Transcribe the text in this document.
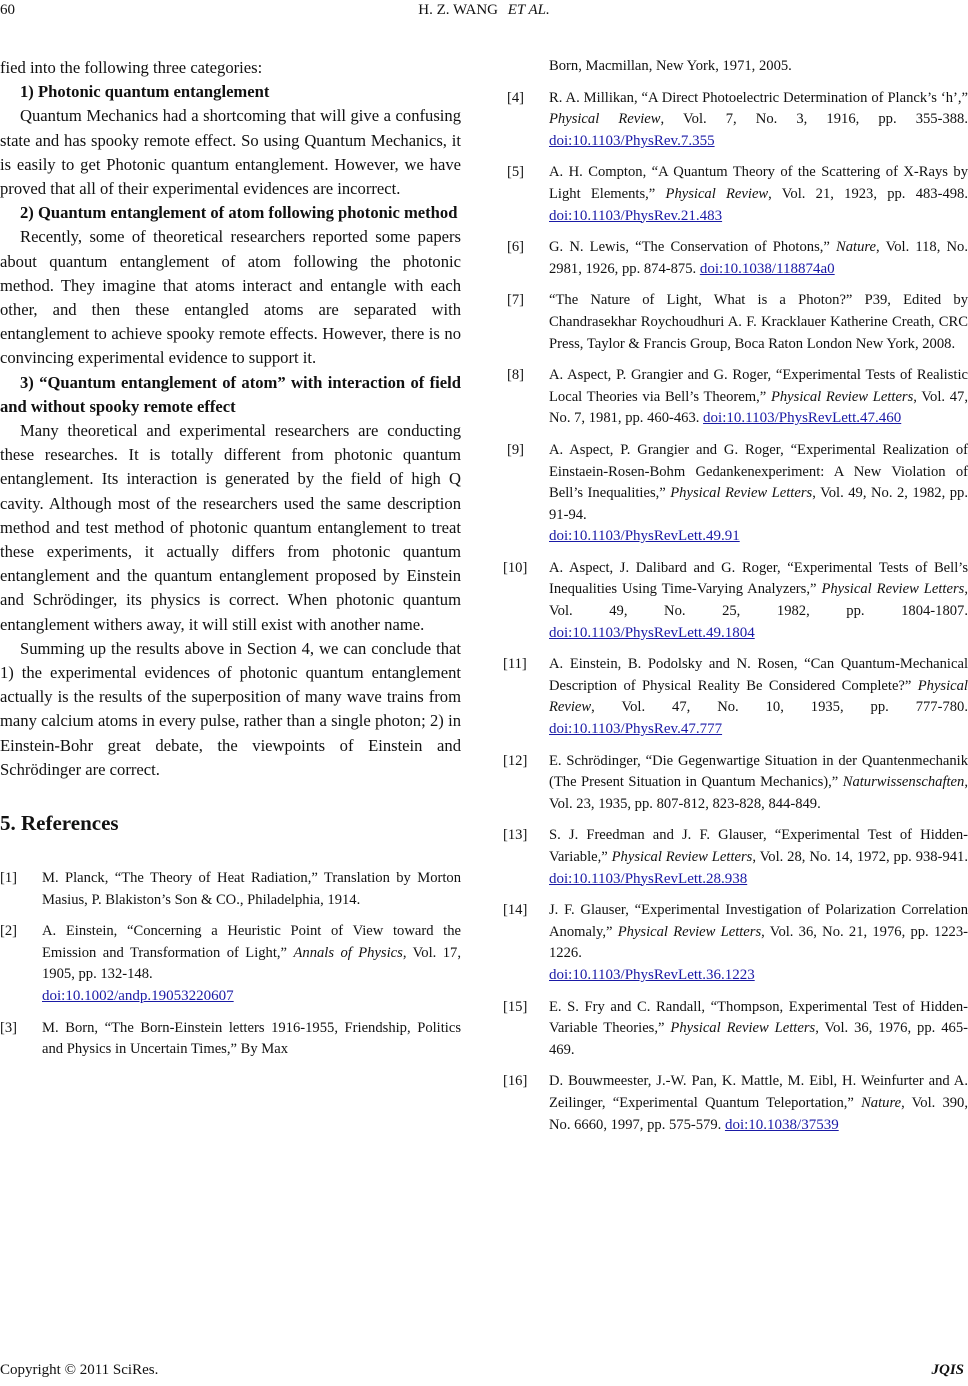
60	H. Z. WANG ET AL.

fied into the following three categories:

1) Photonic quantum entanglement

Quantum Mechanics had a shortcoming that will give a confusing state and has spooky remote effect. So using Quantum Mechanics, it is easily to get Photonic quantum entanglement. However, we have proved that all of their experimental evidences are incorrect.

2) Quantum entanglement of atom following photonic method

Recently, some of theoretical researchers reported some papers about quantum entanglement of atom following the photonic method. They imagine that atoms interact and entangle with each other, and then these entangled atoms are separated with entanglement to achieve spooky remote effects. However, there is no convincing experimental evidence to support it.

3) “Quantum entanglement of atom” with interaction of field and without spooky remote effect

Many theoretical and experimental researchers are conducting these researches. It is totally different from photonic quantum entanglement. Its interaction is generated by the field of high Q cavity. Although most of the researchers used the same description method and test method of photonic quantum entanglement to treat these experiments, it actually differs from photonic quantum entanglement and the quantum entanglement proposed by Einstein and Schrödinger, its physics is correct. When photonic quantum entanglement withers away, it will still exist with another name.

Summing up the results above in Section 4, we can conclude that 1) the experimental evidences of photonic quantum entanglement actually is the results of the superposition of many wave trains from many calcium atoms in every pulse, rather than a single photon; 2) in Einstein-Bohr great debate, the viewpoints of Einstein and Schrödinger are correct.

5. References
[1] M. Planck, “The Theory of Heat Radiation,” Translation by Morton Masius, P. Blakiston’s Son & CO., Philadelphia, 1914.
[2] A. Einstein, “Concerning a Heuristic Point of View toward the Emission and Transformation of Light,” Annals of Physics, Vol. 17, 1905, pp. 132-148.
doi:10.1002/andp.19053220607
[3] M. Born, “The Born-Einstein letters 1916-1955, Friendship, Politics and Physics in Uncertain Times,” By Max
Born, Macmillan, New York, 1971, 2005.
[4] R. A. Millikan, “A Direct Photoelectric Determination of Planck’s ‘h’,” Physical Review, Vol. 7, No. 3, 1916, pp. 355-388. doi:10.1103/PhysRev.7.355
[5] A. H. Compton, “A Quantum Theory of the Scattering of X-Rays by Light Elements,” Physical Review, Vol. 21, 1923, pp. 483-498. doi:10.1103/PhysRev.21.483
[6] G. N. Lewis, “The Conservation of Photons,” Nature, Vol. 118, No. 2981, 1926, pp. 874-875. doi:10.1038/118874a0
[7] “The Nature of Light, What is a Photon?” P39, Edited by Chandrasekhar Roychoudhuri A. F. Kracklauer Katherine Creath, CRC Press, Taylor & Francis Group, Boca Raton London New York, 2008.
[8] A. Aspect, P. Grangier and G. Roger, “Experimental Tests of Realistic Local Theories via Bell’s Theorem,” Physical Review Letters, Vol. 47, No. 7, 1981, pp. 460-463. doi:10.1103/PhysRevLett.47.460
[9] A. Aspect, P. Grangier and G. Roger, “Experimental Realization of Einstaein-Rosen-Bohm Gedankenexperiment: A New Violation of Bell’s Inequalities,” Physical Review Letters, Vol. 49, No. 2, 1982, pp. 91-94.
doi:10.1103/PhysRevLett.49.91
[10] A. Aspect, J. Dalibard and G. Roger, “Experimental Tests of Bell’s Inequalities Using Time-Varying Analyzers,” Physical Review Letters, Vol. 49, No. 25, 1982, pp. 1804-1807. doi:10.1103/PhysRevLett.49.1804
[11] A. Einstein, B. Podolsky and N. Rosen, “Can Quantum-Mechanical Description of Physical Reality Be Considered Complete?” Physical Review, Vol. 47, No. 10, 1935, pp. 777-780. doi:10.1103/PhysRev.47.777
[12] E. Schrödinger, “Die Gegenwartige Situation in der Quantenmechanik (The Present Situation in Quantum Mechanics),” Naturwissenschaften, Vol. 23, 1935, pp. 807-812, 823-828, 844-849.
[13] S. J. Freedman and J. F. Glauser, “Experimental Test of Hidden-Variable,” Physical Review Letters, Vol. 28, No. 14, 1972, pp. 938-941. doi:10.1103/PhysRevLett.28.938
[14] J. F. Glauser, “Experimental Investigation of Polarization Correlation Anomaly,” Physical Review Letters, Vol. 36, No. 21, 1976, pp. 1223-1226.
doi:10.1103/PhysRevLett.36.1223
[15] E. S. Fry and C. Randall, “Thompson, Experimental Test of Hidden-Variable Theories,” Physical Review Letters, Vol. 36, 1976, pp. 465-469.
[16] D. Bouwmeester, J.-W. Pan, K. Mattle, M. Eibl, H. Weinfurter and A. Zeilinger, “Experimental Quantum Teleportation,” Nature, Vol. 390, No. 6660, 1997, pp. 575-579. doi:10.1038/37539
Copyright © 2011 SciRes.	JQIS
